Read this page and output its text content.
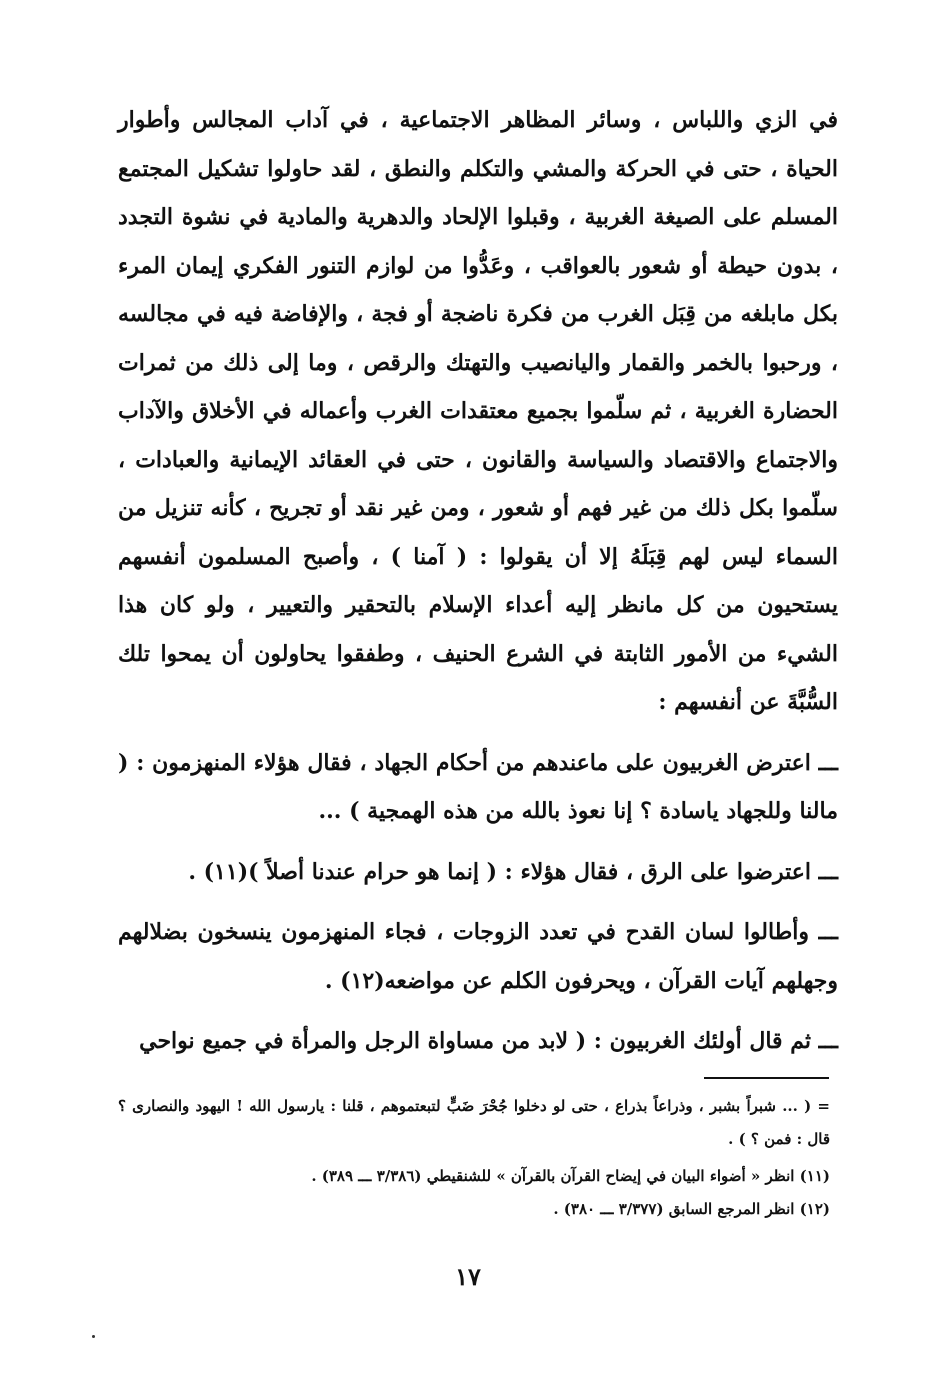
في الزي واللباس ، وسائر المظاهر الاجتماعية ، في آداب المجالس وأطوار الحياة ، حتى في الحركة والمشي والتكلم والنطق ، لقد حاولوا تشكيل المجتمع المسلم على الصيغة الغربية ، وقبلوا الإلحاد والدهرية والمادية في نشوة التجدد ، بدون حيطة أو شعور بالعواقب ، وعَدُّوا من لوازم التنور الفكري إيمان المرء بكل مابلغه من قِبَل الغرب من فكرة ناضجة أو فجة ، والإفاضة فيه في مجالسه ، ورحبوا بالخمر والقمار واليانصيب والتهتك والرقص ، وما إلى ذلك من ثمرات الحضارة الغربية ، ثم سلّموا بجميع معتقدات الغرب وأعماله في الأخلاق والآداب والاجتماع والاقتصاد والسياسة والقانون ، حتى في العقائد الإيمانية والعبادات ، سلّموا بكل ذلك من غير فهم أو شعور ، ومن غير نقد أو تجريح ، كأنه تنزيل من السماء ليس لهم قِبَلَهُ إلا أن يقولوا : ( آمنا ) ، وأصبح المسلمون أنفسهم يستحيون من كل مانظر إليه أعداء الإسلام بالتحقير والتعيير ، ولو كان هذا الشيء من الأمور الثابتة في الشرع الحنيف ، وطفقوا يحاولون أن يمحوا تلك السُّبَّةَ عن أنفسهم :

ـــ اعترض الغربيون على ماعندهم من أحكام الجهاد ، فقال هؤلاء المنهزمون : ( مالنا وللجهاد ياسادة ؟ إنا نعوذ بالله من هذه الهمجية ) ...

ـــ اعترضوا على الرق ، فقال هؤلاء : ( إنما هو حرام عندنا أصلاً )(١١) .

ـــ وأطالوا لسان القدح في تعدد الزوجات ، فجاء المنهزمون ينسخون بضلالهم وجهلهم آيات القرآن ، ويحرفون الكلم عن مواضعه(١٢) .

ـــ ثم قال أولئك الغربيون : ( لابد من مساواة الرجل والمرأة في جميع نواحي

= ( ... شبراً بشبر ، وذراعاً بذراع ، حتى لو دخلوا جُحْرَ ضَبٍّ لتبعتموهم ، قلنا : يارسول الله ! اليهود والنصارى ؟ قال : فمن ؟ ) .

(١١) انظر « أضواء البيان في إيضاح القرآن بالقرآن » للشنقيطي (٣/٣٨٦ ـــ ٣٨٩) .

(١٢) انظر المرجع السابق (٣/٣٧٧ ـــ ٣٨٠) .

١٧
